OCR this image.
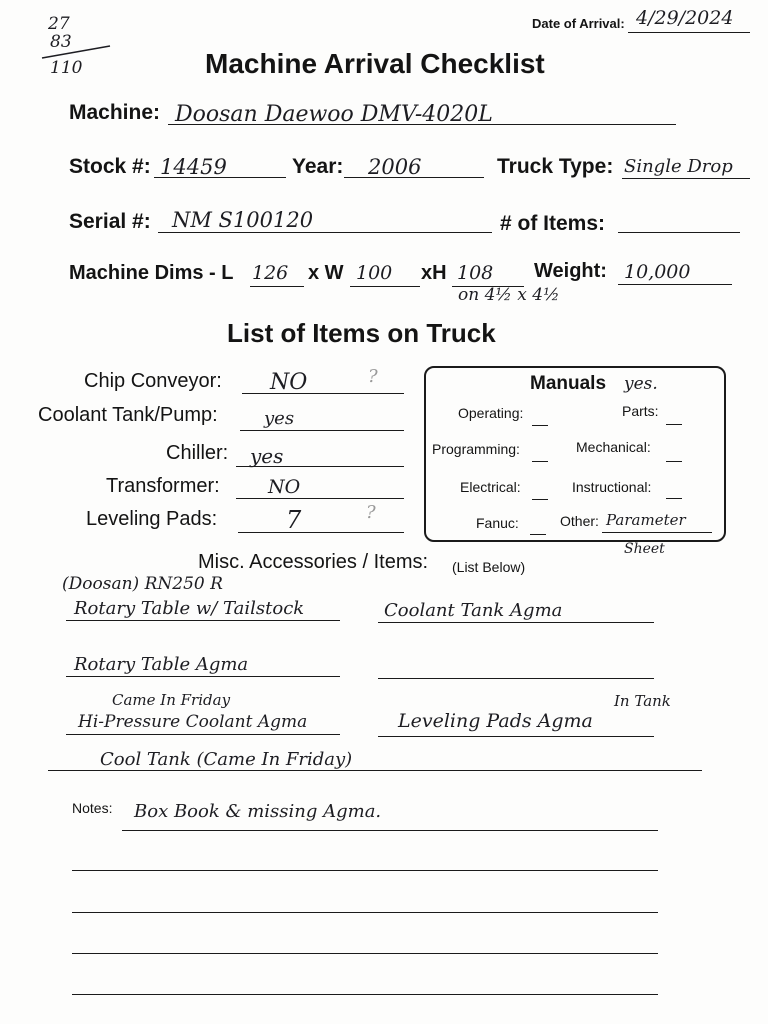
27
83
110
Date of Arrival: 4/29/2024
Machine Arrival Checklist
Machine: Doosan Daewoo DMV-4020L
Stock #: 14459	Year: 2006	Truck Type: Single Drop
Serial #: NM S100120	# of Items:
Machine Dims - L 126 x W 100 xH 108 Weight: 10,000
on 4½ x 4½
List of Items on Truck
Chip Conveyor: NO	?
Coolant Tank/Pump:	yes
Chiller: yes
Transformer:	NO
Leveling Pads:	7	?
Manuals yes.
Operating:	Parts:
Programming:	Mechanical:
Electrical:	Instructional:
Fanuc:	Other: Parameter
Sheet
Misc. Accessories / Items: (List Below)
(Doosan) RN250 R
Rotary Table w/ Tailstock	Coolant Tank Agma
Rotary Table Agma
Came In Friday	In Tank
Hi-Pressure Coolant Agma	Leveling Pads Agma
Cool Tank (Came In Friday)
Notes: Box Book & missing Agma.
